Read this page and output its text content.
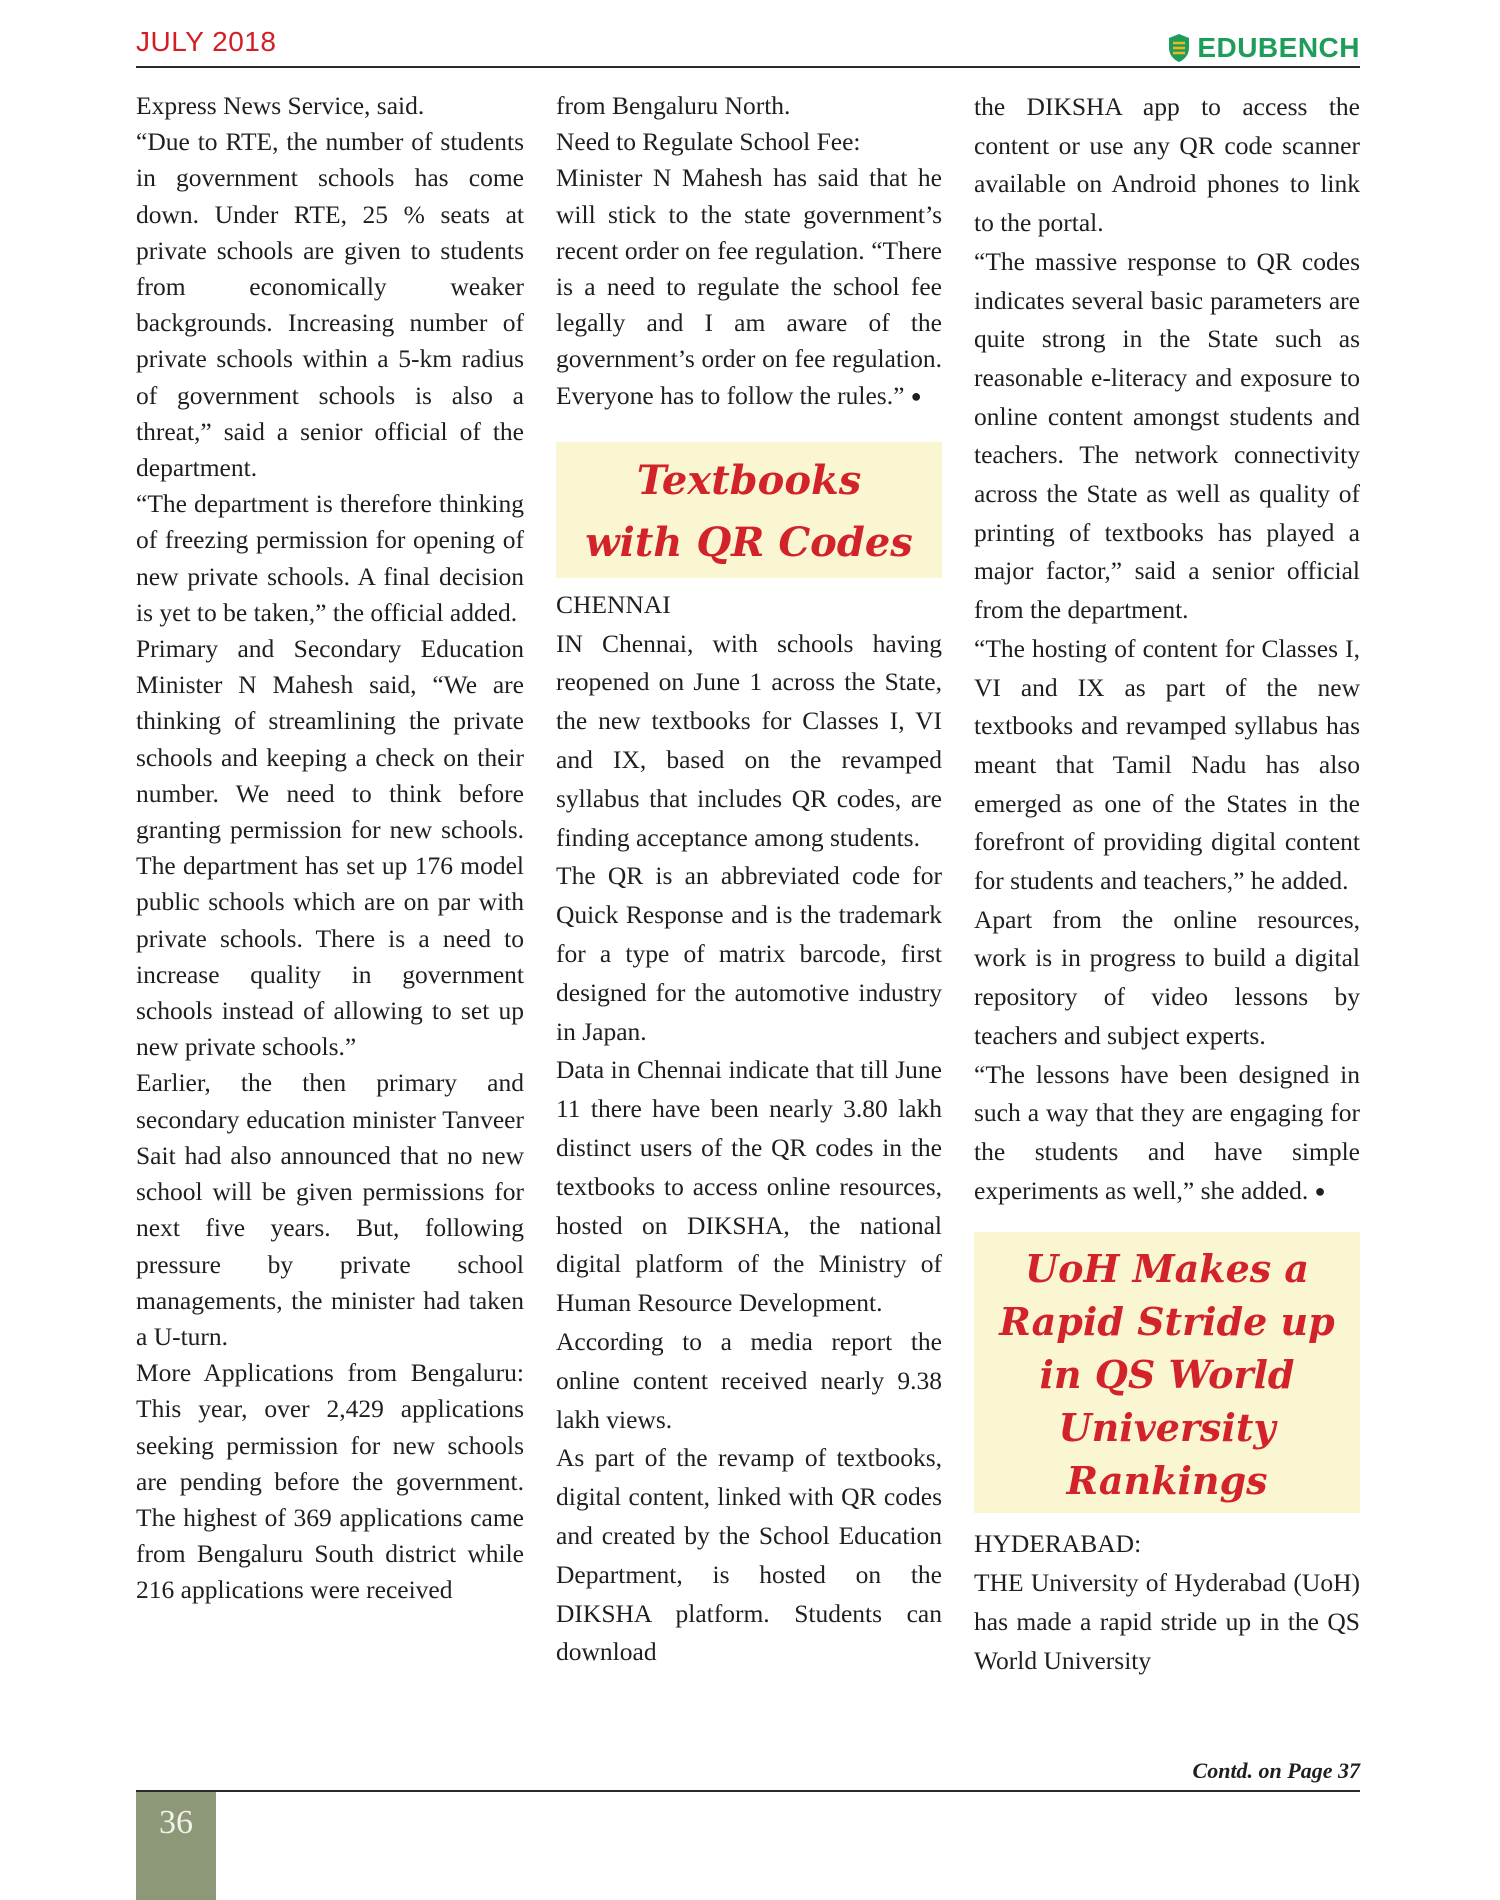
JULY 2018	EDUBENCH

Express News Service, said.

“Due to RTE, the number of students in government schools has come down. Under RTE, 25 % seats at private schools are given to students from economically weaker backgrounds. Increasing number of private schools within a 5-km radius of government schools is also a threat,” said a senior official of the department.

“The department is therefore thinking of freezing permission for opening of new private schools. A final decision is yet to be taken,” the official added.

Primary and Secondary Education Minister N Mahesh said, “We are thinking of streamlining the private schools and keeping a check on their number. We need to think before granting permission for new schools. The department has set up 176 model public schools which are on par with private schools. There is a need to increase quality in government schools instead of allowing to set up new private schools.”

Earlier, the then primary and secondary education minister Tanveer Sait had also announced that no new school will be given permissions for next five years. But, following pressure by private school managements, the minister had taken a U-turn.

More Applications from Bengaluru:

This year, over 2,429 applications seeking permission for new schools are pending before the government. The highest of 369 applications came from Bengaluru South district while 216 applications were received

from Bengaluru North.

Need to Regulate School Fee:

Minister N Mahesh has said that he will stick to the state government’s recent order on fee regulation. “There is a need to regulate the school fee legally and I am aware of the government’s order on fee regulation. Everyone has to follow the rules.” ●

Textbooks
with QR Codes

CHENNAI

IN Chennai, with schools having reopened on June 1 across the State, the new textbooks for Classes I, VI and IX, based on the revamped syllabus that includes QR codes, are finding acceptance among students.

The QR is an abbreviated code for Quick Response and is the trademark for a type of matrix barcode, first designed for the automotive industry in Japan.

Data in Chennai indicate that till June 11 there have been nearly 3.80 lakh distinct users of the QR codes in the textbooks to access online resources, hosted on DIKSHA, the national digital platform of the Ministry of Human Resource Development.

According to a media report the online content received nearly 9.38 lakh views.

As part of the revamp of textbooks, digital content, linked with QR codes and created by the School Education Department, is hosted on the DIKSHA platform. Students can download

the DIKSHA app to access the content or use any QR code scanner available on Android phones to link to the portal.

“The massive response to QR codes indicates several basic parameters are quite strong in the State such as reasonable e-literacy and exposure to online content amongst students and teachers. The network connectivity across the State as well as quality of printing of textbooks has played a major factor,” said a senior official from the department.

“The hosting of content for Classes I, VI and IX as part of the new textbooks and revamped syllabus has meant that Tamil Nadu has also emerged as one of the States in the forefront of providing digital content for students and teachers,” he added.

Apart from the online resources, work is in progress to build a digital repository of video lessons by teachers and subject experts.

“The lessons have been designed in such a way that they are engaging for the students and have simple experiments as well,” she added. ●

UoH Makes a Rapid Stride up in QS World University Rankings

HYDERABAD:

THE University of Hyderabad (UoH) has made a rapid stride up in the QS World University

Contd. on Page 37
36
